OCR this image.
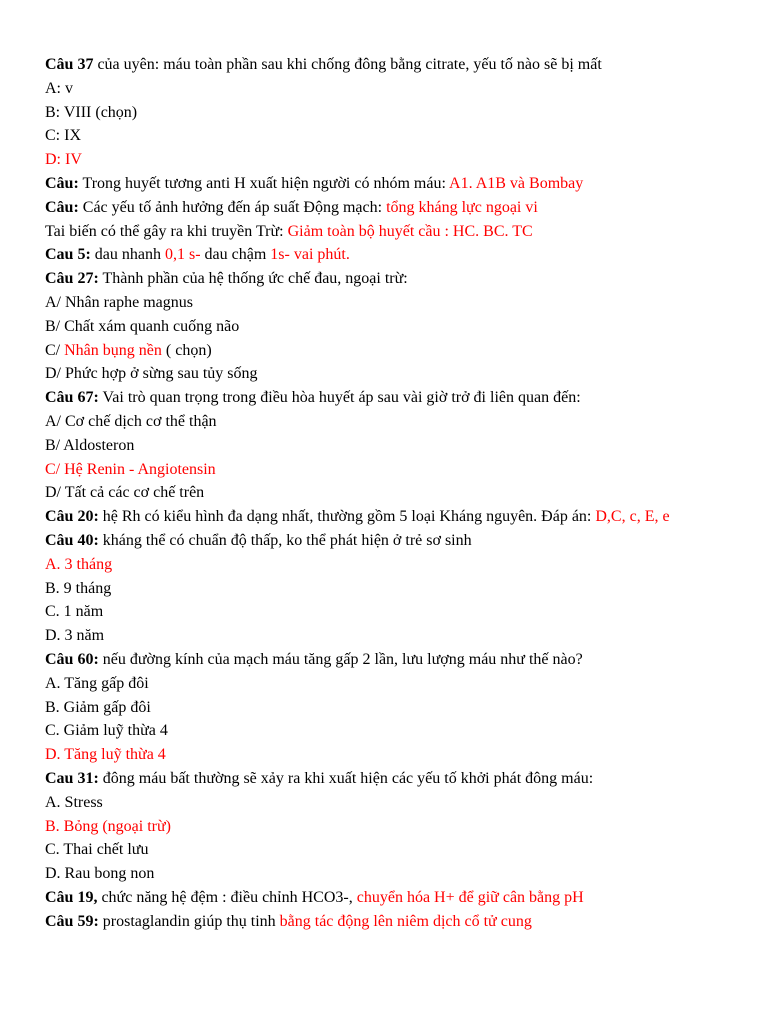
Câu 37 của uyên: máu toàn phần sau khi chống đông bằng citrate, yếu tố nào sẽ bị mất
A: v
B: VIII (chọn)
C: IX
D: IV
Câu: Trong huyết tương anti H xuất hiện người có nhóm máu: A1. A1B và Bombay
Câu: Các yếu tố ảnh hưởng đến áp suất Động mạch: tổng kháng lực ngoại vi
Tai biến có thể gây ra khi truyền Trừ: Giảm toàn bộ huyết cầu : HC. BC. TC
Cau 5: dau nhanh 0,1 s- dau chậm 1s- vai phút.
Câu 27: Thành phần của hệ thống ức chế đau, ngoại trừ:
A/ Nhân raphe magnus
B/ Chất xám quanh cuống não
C/ Nhân bụng nền ( chọn)
D/ Phức hợp ở sừng sau tủy sống
Câu 67: Vai trò quan trọng trong điều hòa huyết áp sau vài giờ trở đi liên quan đến:
A/ Cơ chế dịch cơ thể thận
B/ Aldosteron
C/ Hệ Renin - Angiotensin
D/ Tất cả các cơ chế trên
Câu 20: hệ Rh có kiểu hình đa dạng nhất, thường gồm 5 loại Kháng nguyên. Đáp án: D,C, c, E, e
Câu 40: kháng thể có chuẩn độ thấp, ko thể phát hiện ở trẻ sơ sinh
A. 3 tháng
B. 9 tháng
C. 1 năm
D. 3 năm
Câu 60: nếu đường kính của mạch máu tăng gấp 2 lần, lưu lượng máu như thế nào?
A. Tăng gấp đôi
B. Giảm gấp đôi
C. Giảm luỹ thừa 4
D. Tăng luỹ thừa 4
Cau 31: đông máu bất thường sẽ xảy ra khi xuất hiện các yếu tố khởi phát đông máu:
A. Stress
B. Bỏng (ngoại trừ)
C. Thai chết lưu
D. Rau bong non
Câu 19, chức năng hệ đệm : điều chỉnh HCO3-, chuyển hóa H+ để giữ cân bằng pH
Câu 59: prostaglandin giúp thụ tinh bằng tác động lên niêm dịch cổ tử cung
